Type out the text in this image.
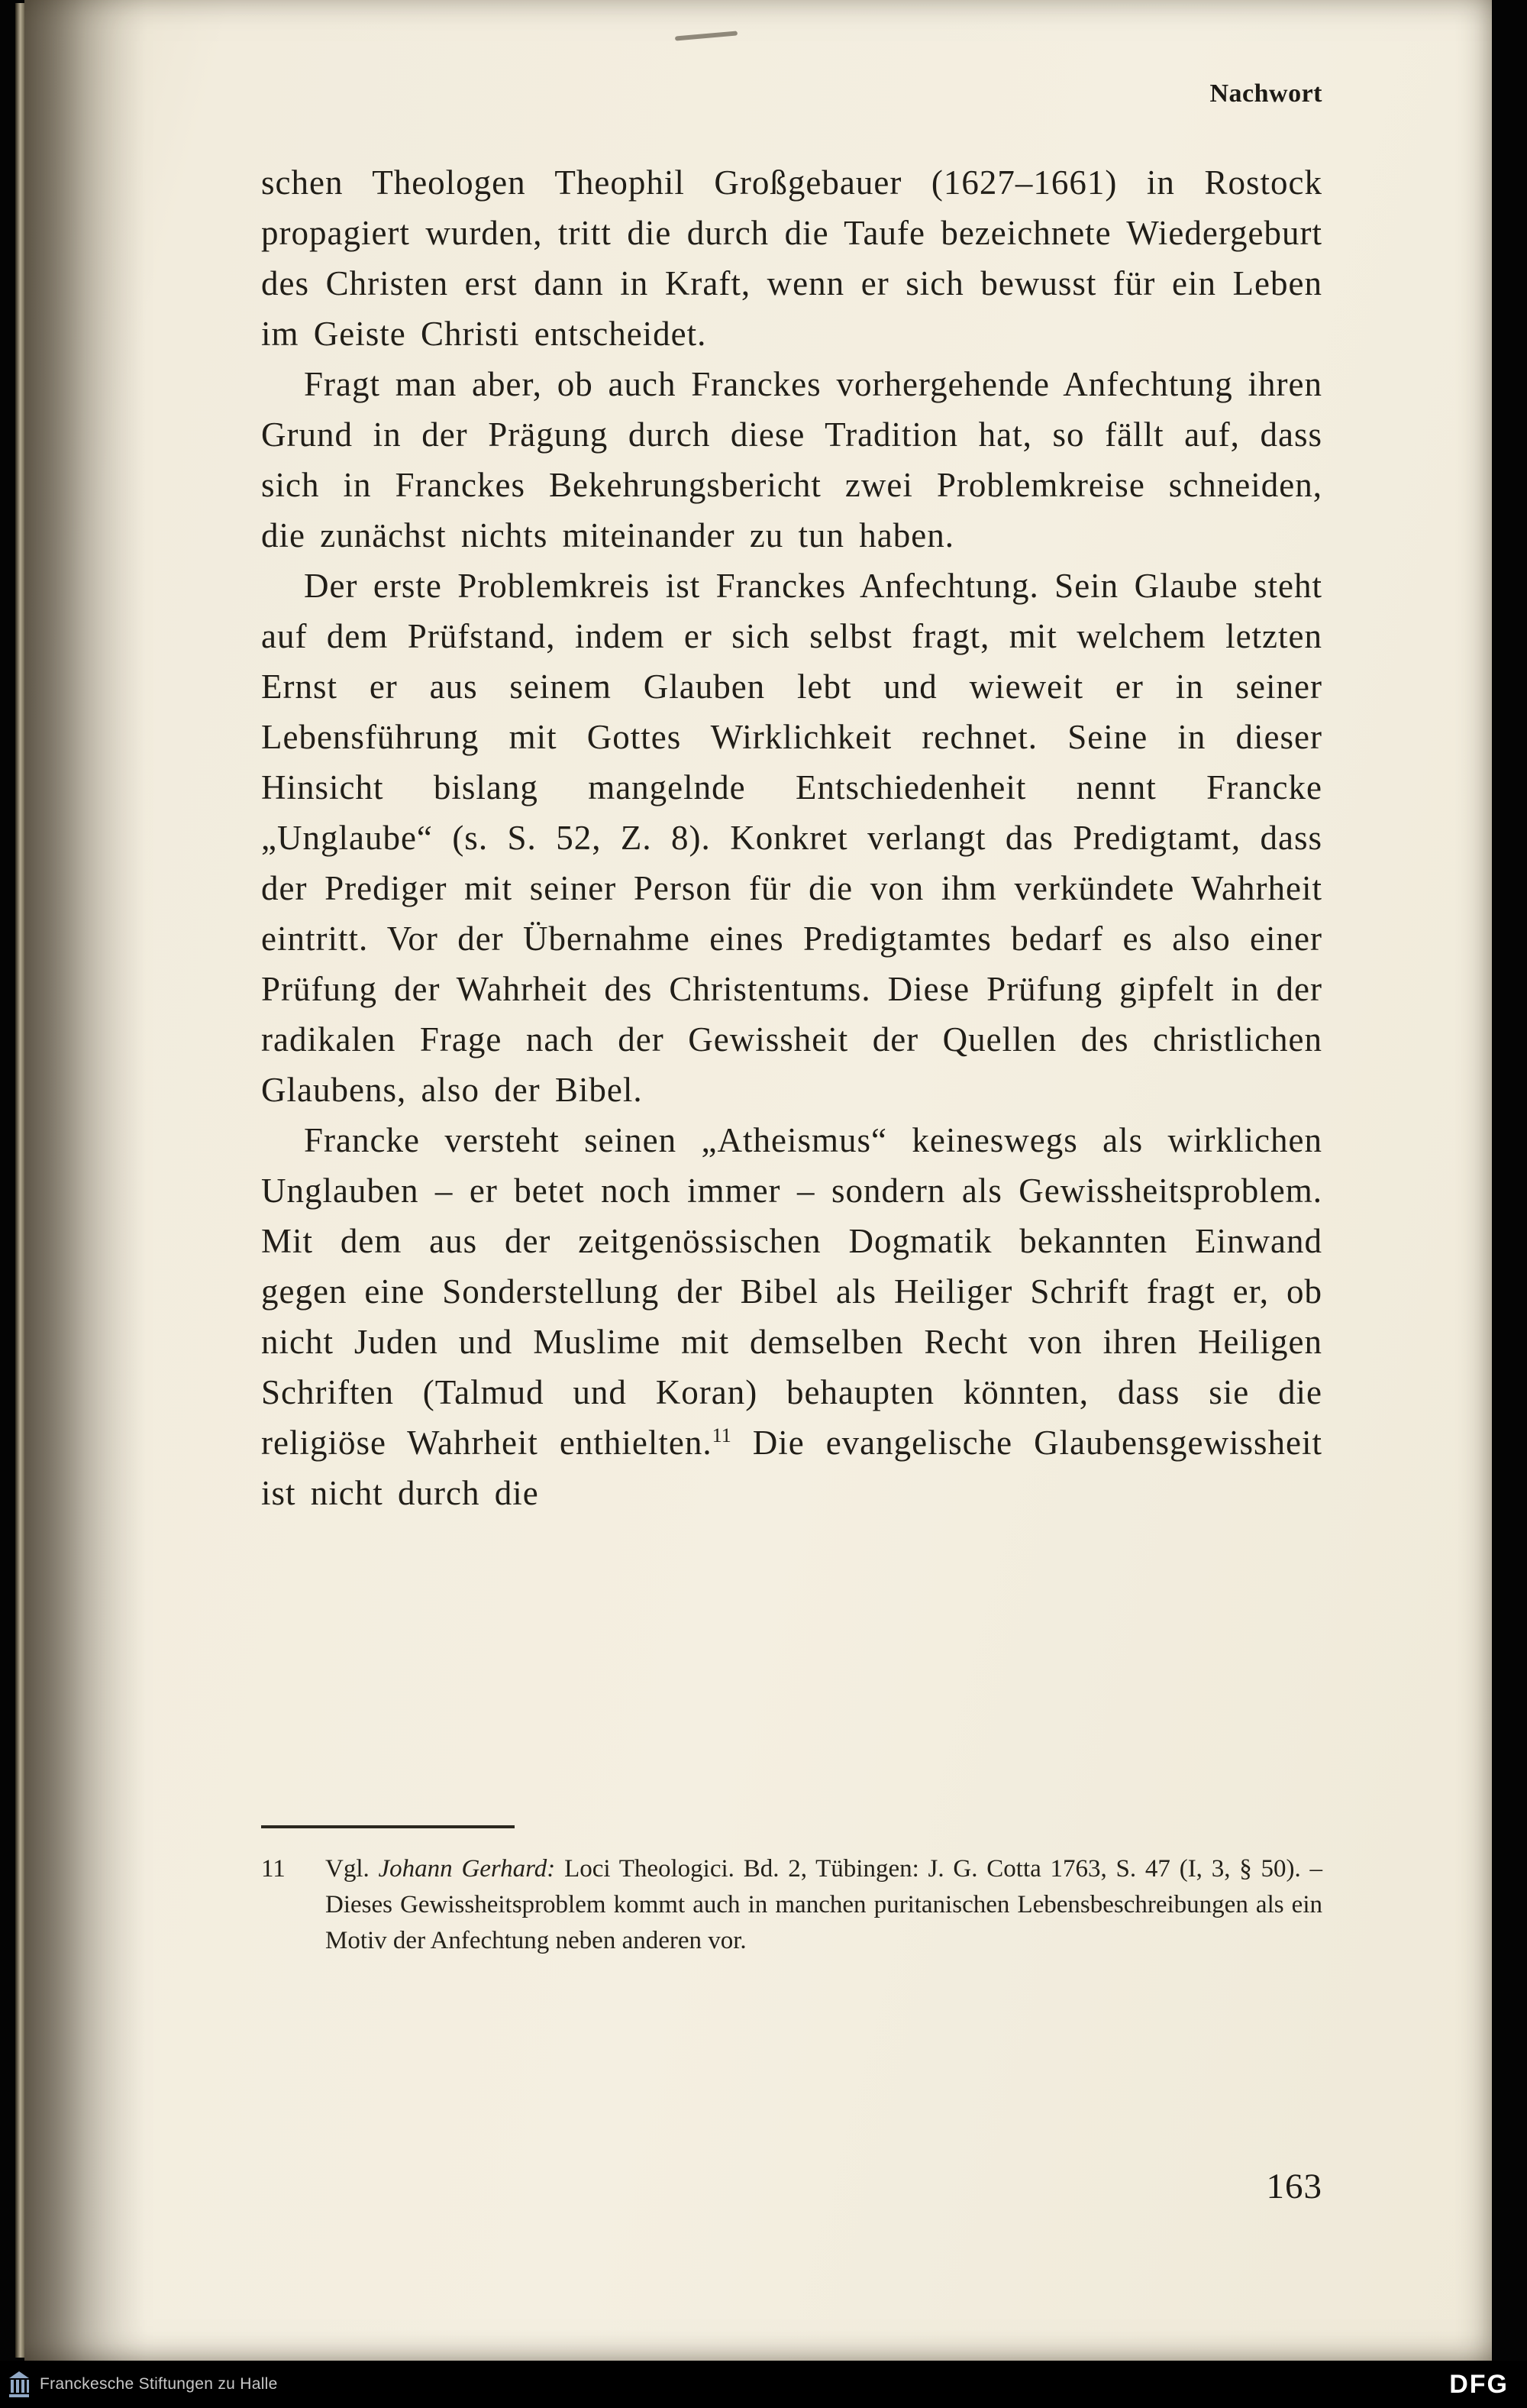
Nachwort

schen Theologen Theophil Großgebauer (1627–1661) in Rostock propagiert wurden, tritt die durch die Taufe bezeichnete Wiedergeburt des Christen erst dann in Kraft, wenn er sich bewusst für ein Leben im Geiste Christi entscheidet.

Fragt man aber, ob auch Franckes vorhergehende Anfechtung ihren Grund in der Prägung durch diese Tradition hat, so fällt auf, dass sich in Franckes Bekehrungsbericht zwei Problemkreise schneiden, die zunächst nichts miteinander zu tun haben.

Der erste Problemkreis ist Franckes Anfechtung. Sein Glaube steht auf dem Prüfstand, indem er sich selbst fragt, mit welchem letzten Ernst er aus seinem Glauben lebt und wieweit er in seiner Lebensführung mit Gottes Wirklichkeit rechnet. Seine in dieser Hinsicht bislang mangelnde Entschiedenheit nennt Francke „Unglaube“ (s. S. 52, Z. 8). Konkret verlangt das Predigtamt, dass der Prediger mit seiner Person für die von ihm verkündete Wahrheit eintritt. Vor der Übernahme eines Predigtamtes bedarf es also einer Prüfung der Wahrheit des Christentums. Diese Prüfung gipfelt in der radikalen Frage nach der Gewissheit der Quellen des christlichen Glaubens, also der Bibel.

Francke versteht seinen „Atheismus“ keineswegs als wirklichen Unglauben – er betet noch immer – sondern als Gewissheitsproblem. Mit dem aus der zeitgenössischen Dogmatik bekannten Einwand gegen eine Sonderstellung der Bibel als Heiliger Schrift fragt er, ob nicht Juden und Muslime mit demselben Recht von ihren Heiligen Schriften (Talmud und Koran) behaupten könnten, dass sie die religiöse Wahrheit enthielten.$^{11}$ Die evangelische Glaubensgewissheit ist nicht durch die

11	Vgl. Johann Gerhard: Loci Theologici. Bd. 2, Tübingen: J. G. Cotta 1763, S. 47 (I, 3, § 50). – Dieses Gewissheitsproblem kommt auch in manchen puritanischen Lebensbeschreibungen als ein Motiv der Anfechtung neben anderen vor.
163
Franckesche Stiftungen zu Halle	DFG
